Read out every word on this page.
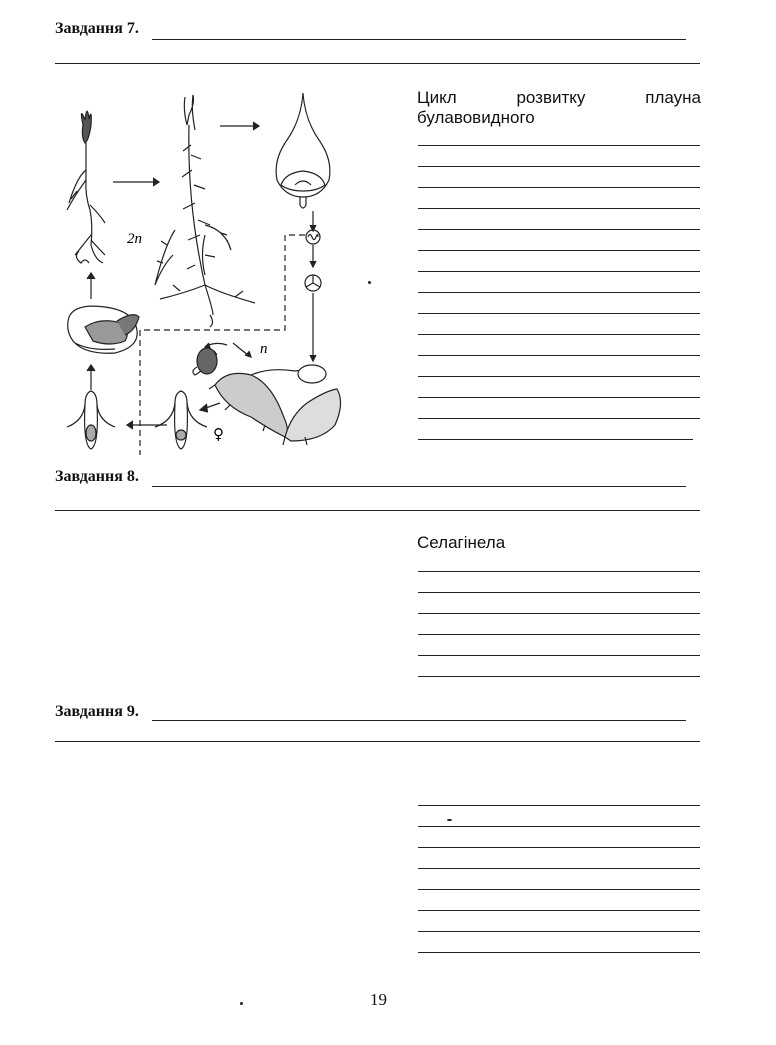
Завдання 7.
2n
n
♀
Цикл	розвитку	плауна
булавовидного
Завдання 8.
Селагінела
Завдання 9.
19
